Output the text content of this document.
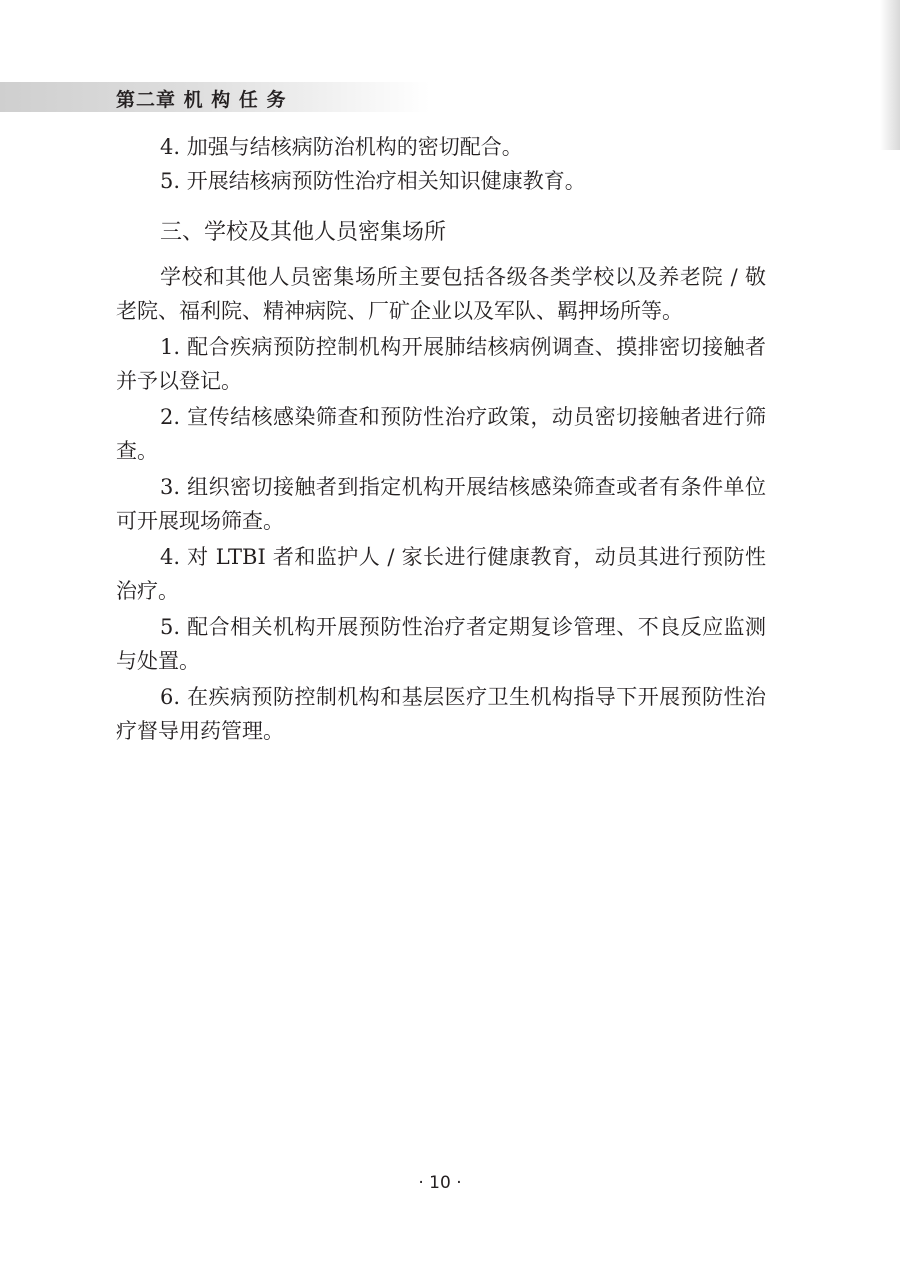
第二章 机 构 任 务

4. 加强与结核病防治机构的密切配合。

5. 开展结核病预防性治疗相关知识健康教育。

三、学校及其他人员密集场所

学校和其他人员密集场所主要包括各级各类学校以及养老院 / 敬老院、福利院、精神病院、厂矿企业以及军队、羁押场所等。

1. 配合疾病预防控制机构开展肺结核病例调查、摸排密切接触者并予以登记。

2. 宣传结核感染筛查和预防性治疗政策，动员密切接触者进行筛查。

3. 组织密切接触者到指定机构开展结核感染筛查或者有条件单位可开展现场筛查。

4. 对 LTBI 者和监护人 / 家长进行健康教育，动员其进行预防性治疗。

5. 配合相关机构开展预防性治疗者定期复诊管理、不良反应监测与处置。

6. 在疾病预防控制机构和基层医疗卫生机构指导下开展预防性治疗督导用药管理。

· 10 ·
